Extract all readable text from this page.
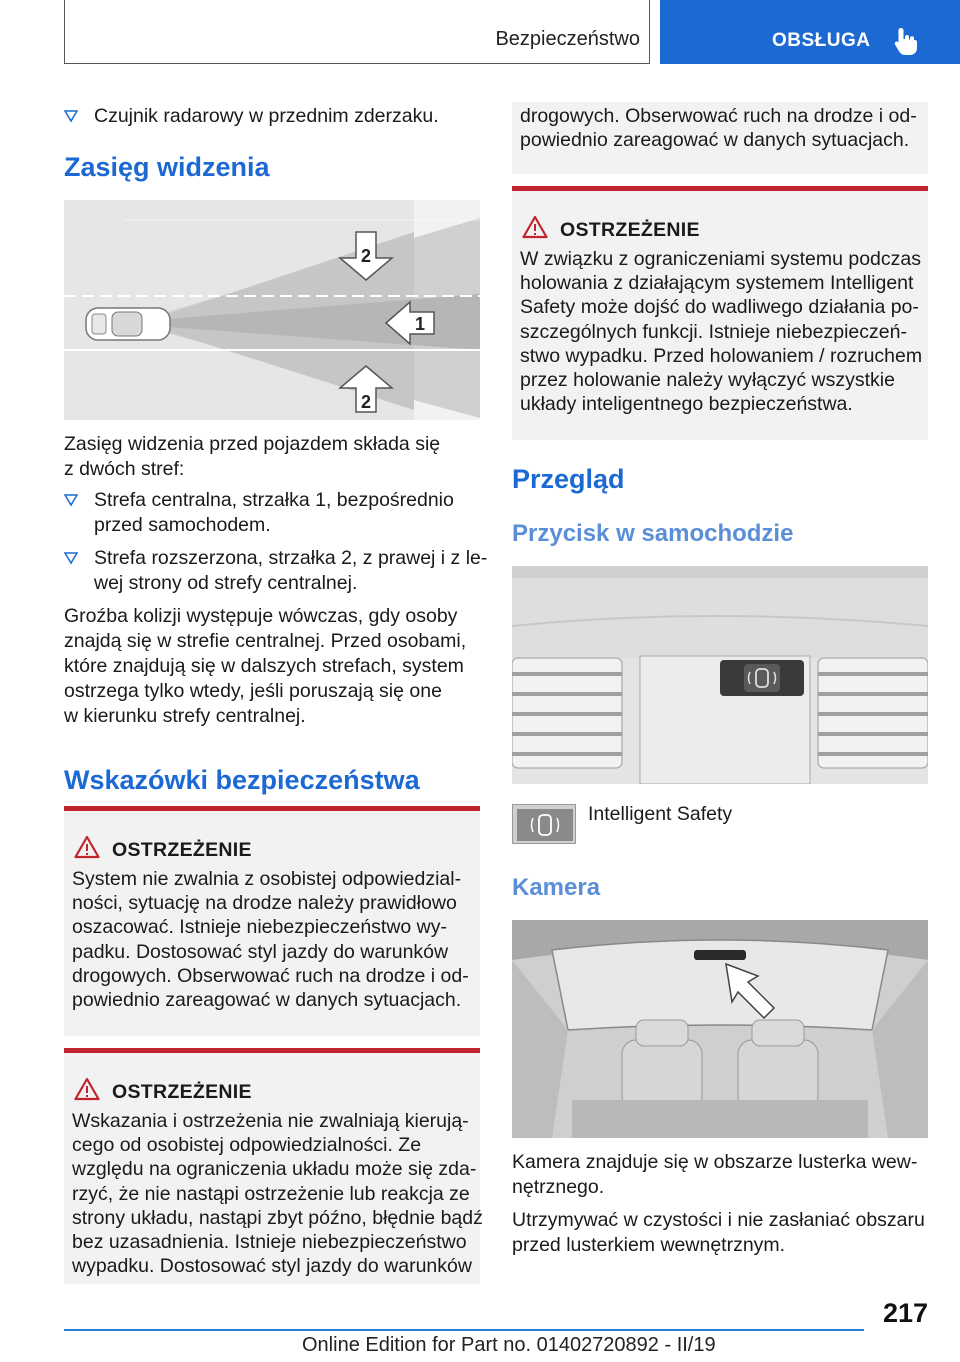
Bezpieczeństwo	OBSŁUGA
Czujnik radarowy w przednim zderzaku.
Zasięg widzenia
2
1
2
Zasięg widzenia przed pojazdem składa się
z dwóch stref:
Strefa centralna, strzałka 1, bezpośrednio
przed samochodem.
Strefa rozszerzona, strzałka 2, z prawej i z le-
wej strony od strefy centralnej.
Groźba kolizji występuje wówczas, gdy osoby
znajdą się w strefie centralnej. Przed osobami,
które znajdują się w dalszych strefach, system
ostrzega tylko wtedy, jeśli poruszają się one
w kierunku strefy centralnej.
Wskazówki bezpieczeństwa
OSTRZEŻENIE
System nie zwalnia z osobistej odpowiedzial-
ności, sytuację na drodze należy prawidłowo
oszacować. Istnieje niebezpieczeństwo wy-
padku. Dostosować styl jazdy do warunków
drogowych. Obserwować ruch na drodze i od-
powiednio zareagować w danych sytuacjach.
OSTRZEŻENIE
Wskazania i ostrzeżenia nie zwalniają kierują-
cego od osobistej odpowiedzialności. Ze
względu na ograniczenia układu może się zda-
rzyć, że nie nastąpi ostrzeżenie lub reakcja ze
strony układu, nastąpi zbyt późno, błędnie bądź
bez uzasadnienia. Istnieje niebezpieczeństwo
wypadku. Dostosować styl jazdy do warunków
drogowych. Obserwować ruch na drodze i od-
powiednio zareagować w danych sytuacjach.
OSTRZEŻENIE
W związku z ograniczeniami systemu podczas
holowania z działającym systemem Intelligent
Safety może dojść do wadliwego działania po-
szczególnych funkcji. Istnieje niebezpieczeń-
stwo wypadku. Przed holowaniem / rozruchem
przez holowanie należy wyłączyć wszystkie
układy inteligentnego bezpieczeństwa.
Przegląd
Przycisk w samochodzie
Intelligent Safety
Kamera
Kamera znajduje się w obszarze lusterka wew-
nętrznego.
Utrzymywać w czystości i nie zasłaniać obszaru
przed lusterkiem wewnętrznym.
217
Online Edition for Part no. 01402720892 - II/19
